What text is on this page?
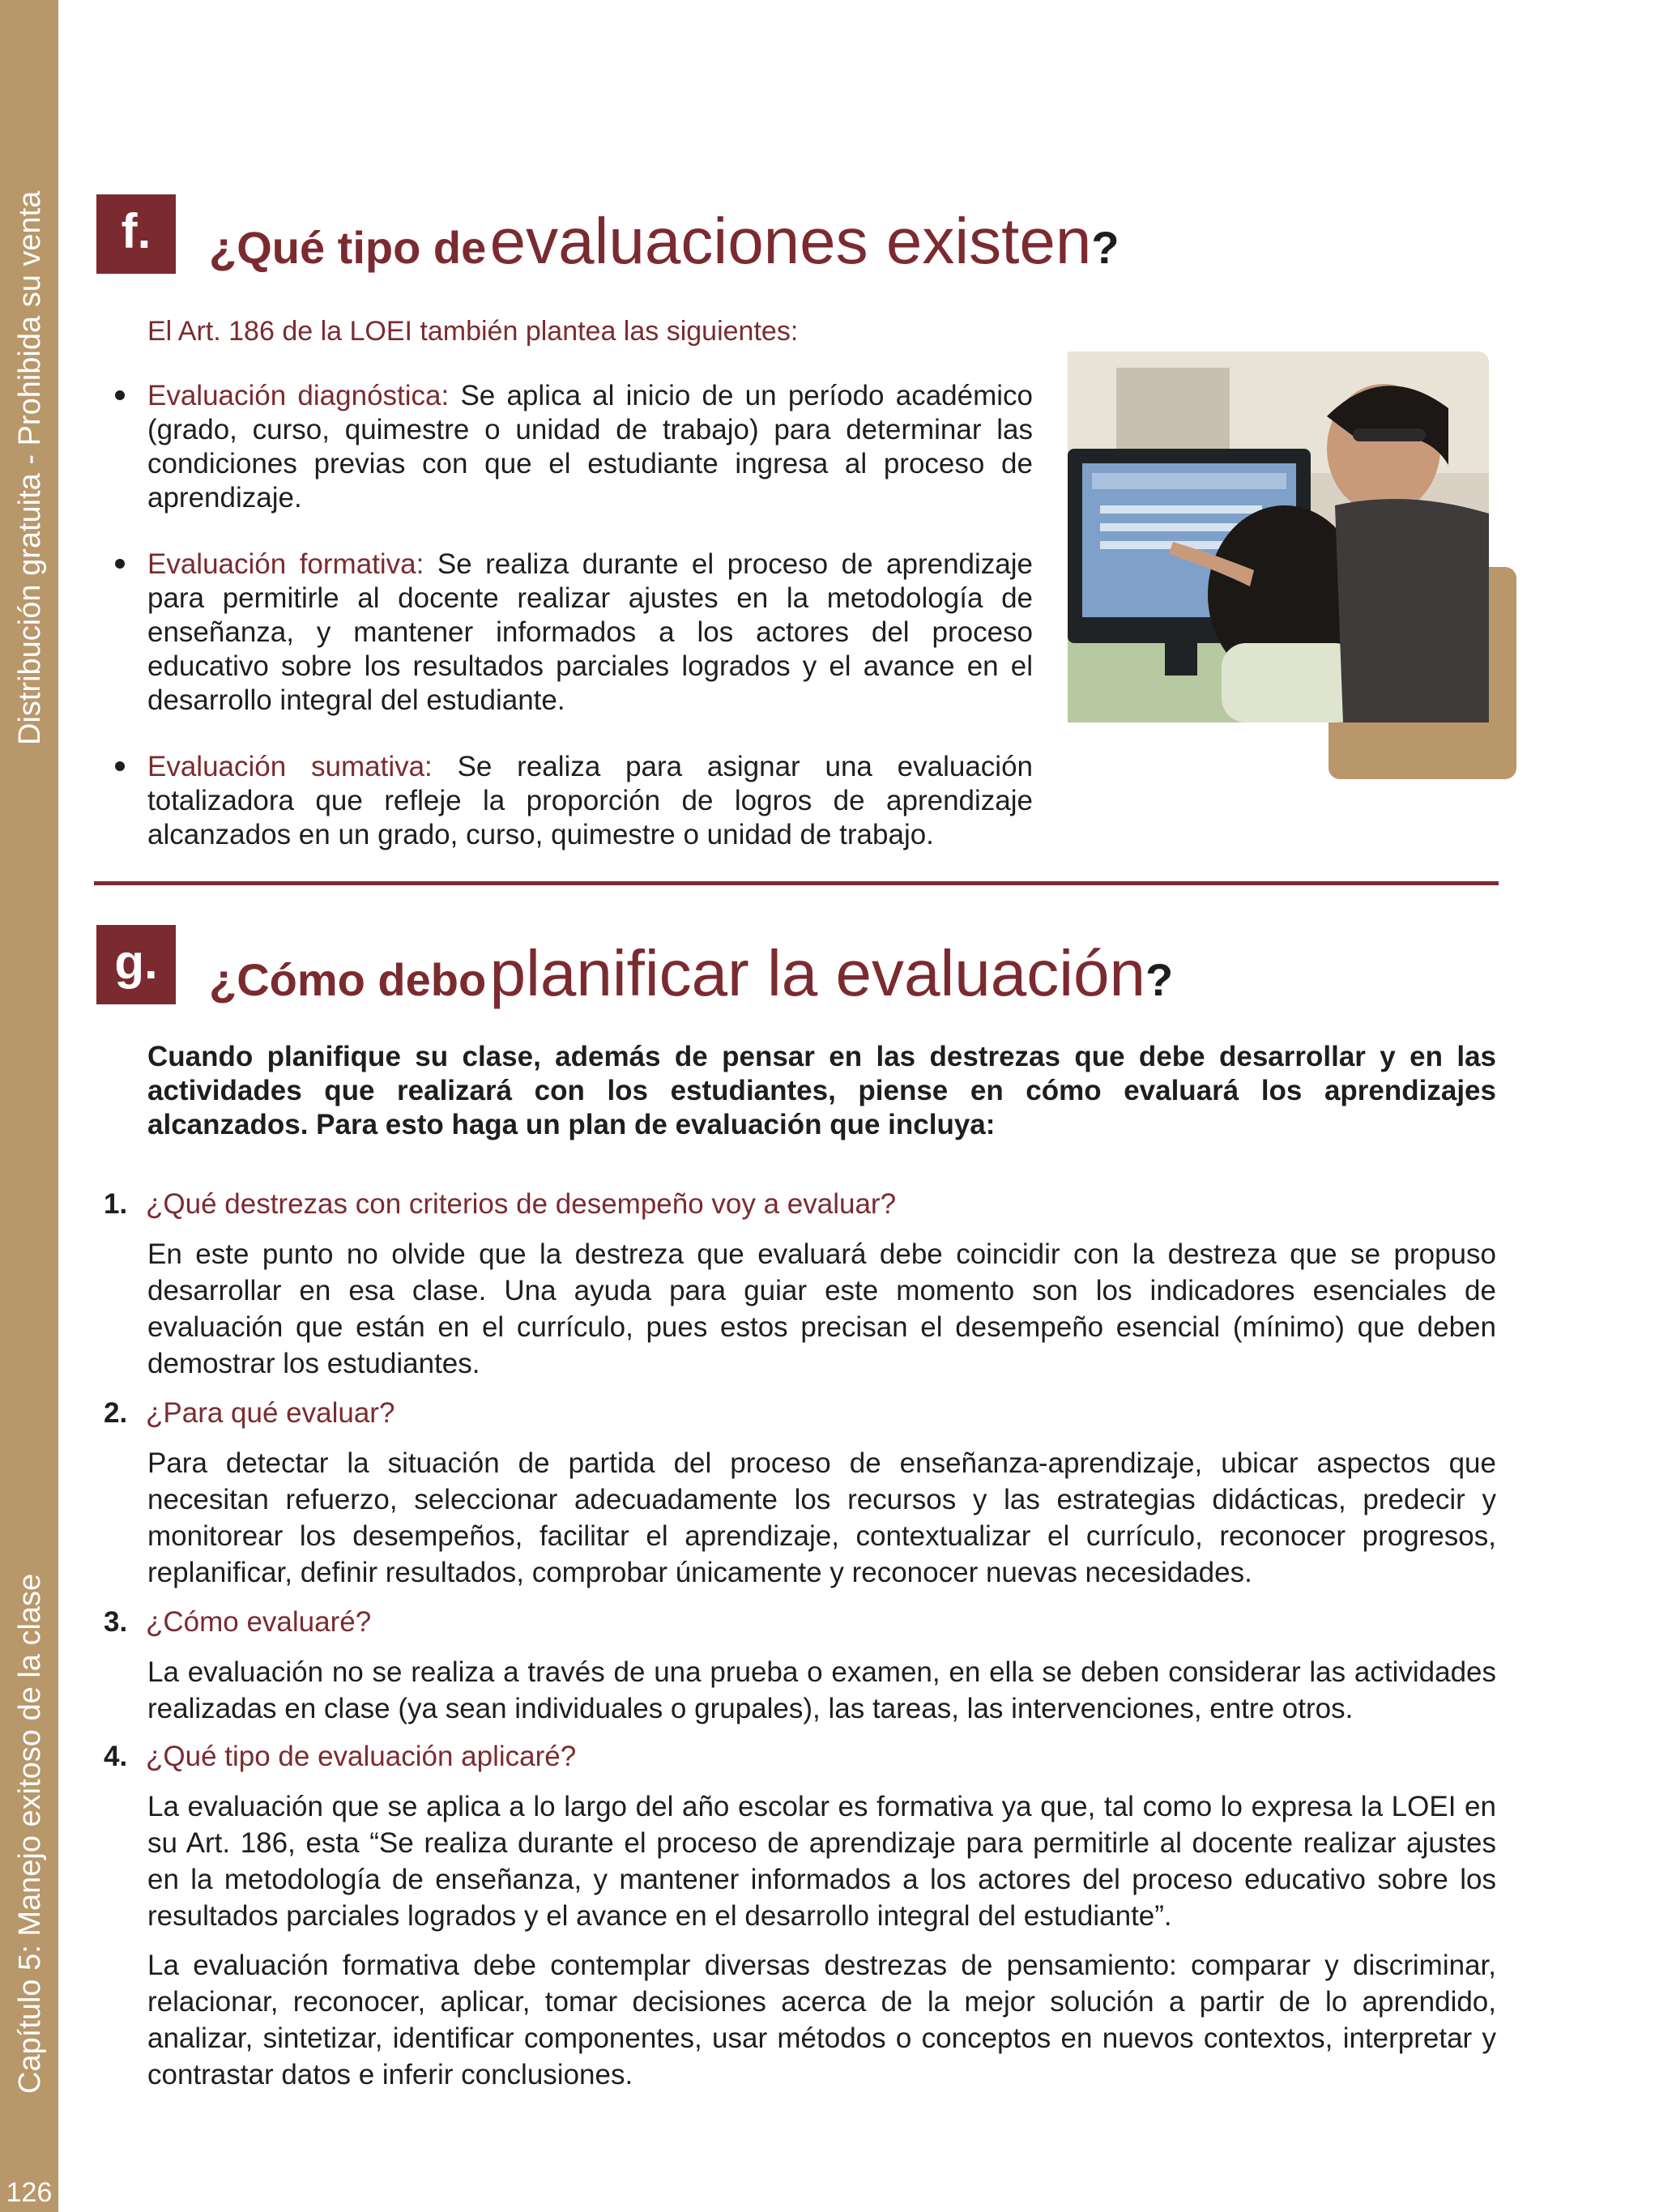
Distribución gratuita - Prohibida su venta
Capítulo 5: Manejo exitoso de la clase
126
f.	¿Qué tipo de evaluaciones existen?
El Art. 186 de la LOEI también plantea las siguientes:
Evaluación diagnóstica: Se aplica al inicio de un período académico (grado, curso, quimestre o unidad de trabajo) para determinar las condiciones previas con que el estudiante ingresa al proceso de aprendizaje.
Evaluación formativa: Se realiza durante el proceso de aprendizaje para permitirle al docente realizar ajustes en la metodología de enseñanza, y mantener informados a los actores del proceso educativo sobre los resultados parciales logrados y el avance en el desarrollo integral del estudiante.
Evaluación sumativa: Se realiza para asignar una evaluación totalizadora que refleje la proporción de logros de aprendizaje alcanzados en un grado, curso, quimestre o unidad de trabajo.
g.	¿Cómo debo planificar la evaluación?

Cuando planifique su clase, además de pensar en las destrezas que debe desarrollar y en las actividades que realizará con los estudiantes, piense en cómo evaluará los aprendizajes alcanzados. Para esto haga un plan de evaluación que incluya:

1. ¿Qué destrezas con criterios de desempeño voy a evaluar?

En este punto no olvide que la destreza que evaluará debe coincidir con la destreza que se propuso desarrollar en esa clase. Una ayuda para guiar este momento son los indicadores esenciales de evaluación que están en el currículo, pues estos precisan el desempeño esencial (mínimo) que deben demostrar los estudiantes.

2. ¿Para qué evaluar?

Para detectar la situación de partida del proceso de enseñanza-aprendizaje, ubicar aspectos que necesitan refuerzo, seleccionar adecuadamente los recursos y las estrategias didácticas, predecir y monitorear los desempeños, facilitar el aprendizaje, contextualizar el currículo, reconocer progresos, replanificar, definir resultados, comprobar únicamente y reconocer nuevas necesidades.

3. ¿Cómo evaluaré?

La evaluación no se realiza a través de una prueba o examen, en ella se deben considerar las actividades realizadas en clase (ya sean individuales o grupales), las tareas, las intervenciones, entre otros.

4. ¿Qué tipo de evaluación aplicaré?

La evaluación que se aplica a lo largo del año escolar es formativa ya que, tal como lo expresa la LOEI en su Art. 186, esta “Se realiza durante el proceso de aprendizaje para permitirle al docente realizar ajustes en la metodología de enseñanza, y mantener informados a los actores del proceso educativo sobre los resultados parciales logrados y el avance en el desarrollo integral del estudiante”.

La evaluación formativa debe contemplar diversas destrezas de pensamiento: comparar y discriminar, relacionar, reconocer, aplicar, tomar decisiones acerca de la mejor solución a partir de lo aprendido, analizar, sintetizar, identificar componentes, usar métodos o conceptos en nuevos contextos, interpretar y contrastar datos e inferir conclusiones.
